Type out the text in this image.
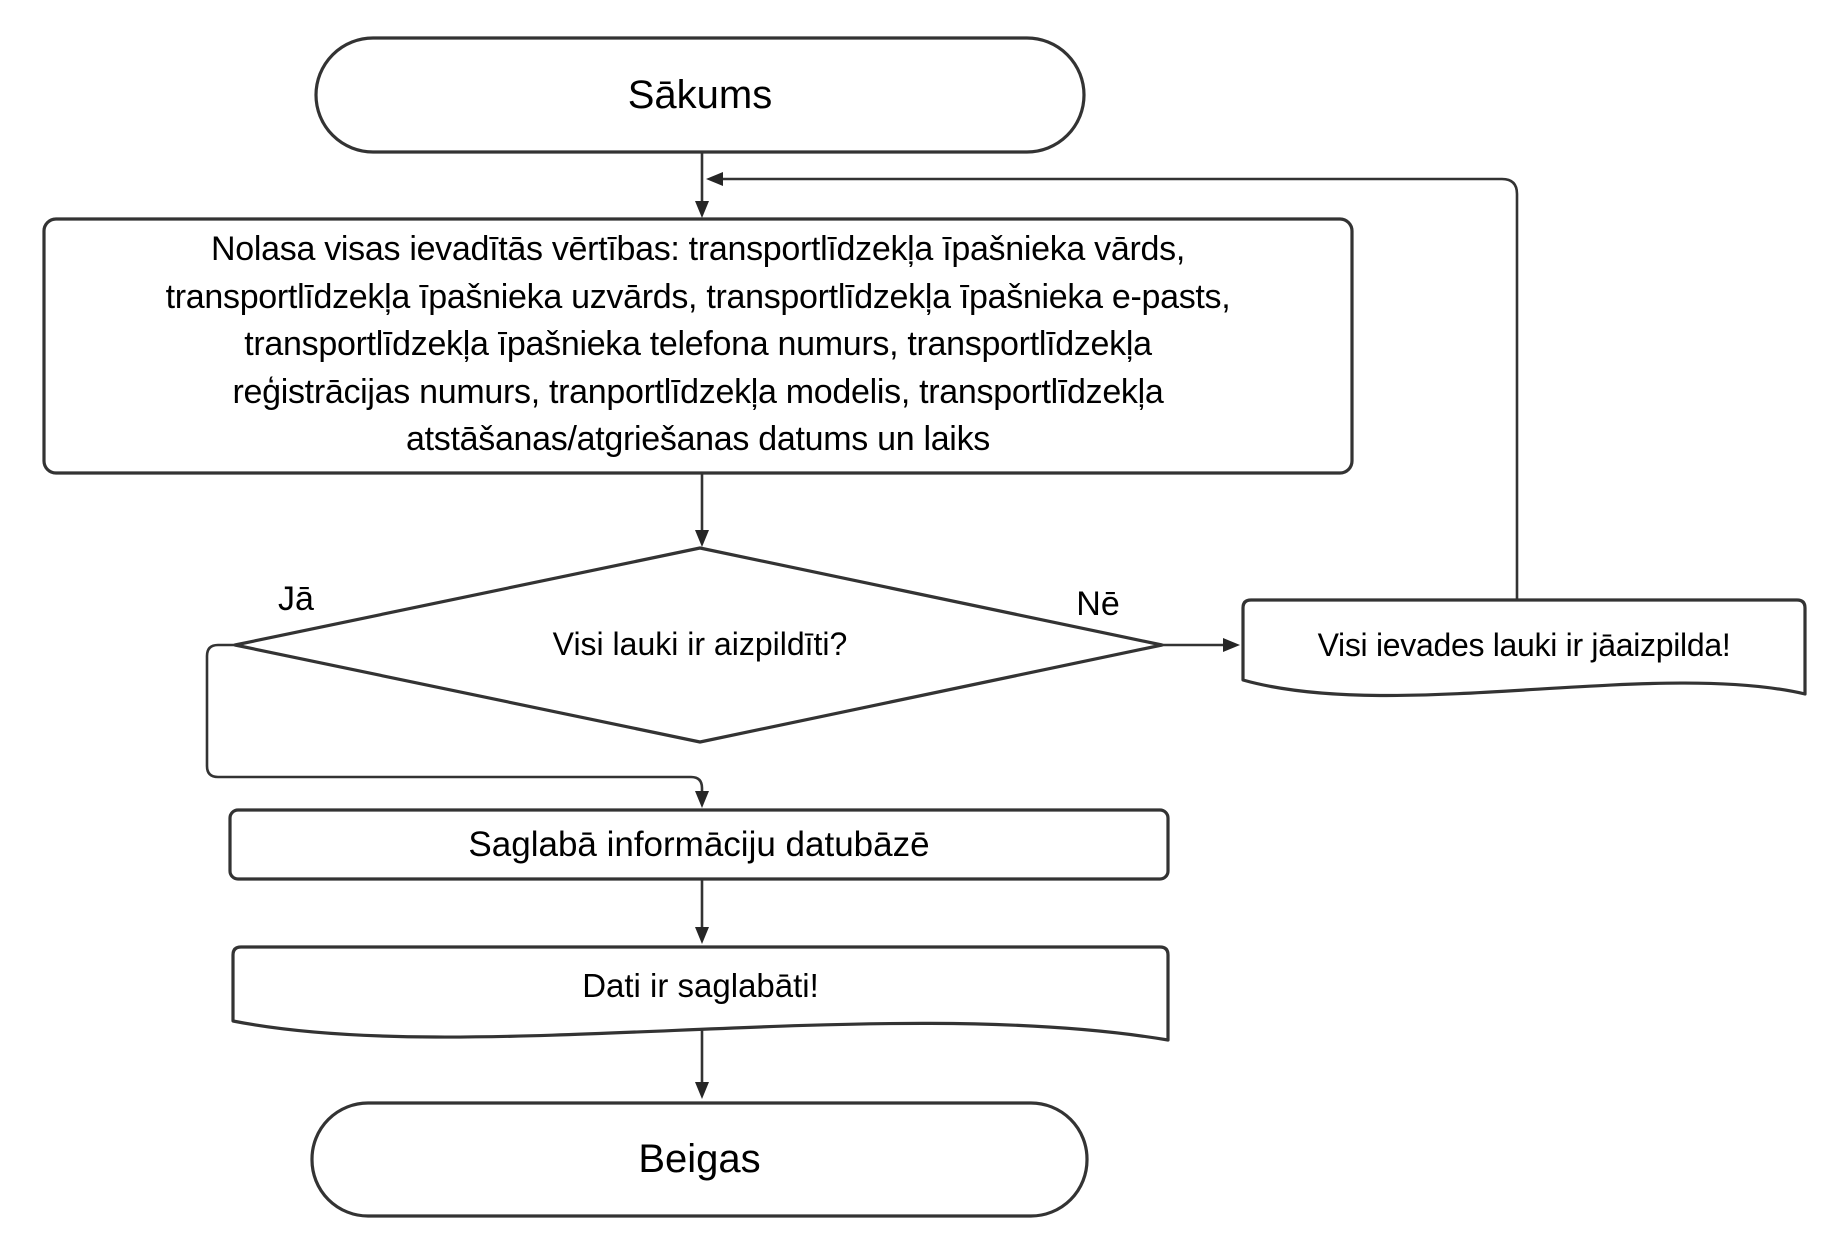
Sākums
Nolasa visas ievadītās vērtības: transportlīdzekļa īpašnieka vārds,
transportlīdzekļa īpašnieka uzvārds, transportlīdzekļa īpašnieka e-pasts,
transportlīdzekļa īpašnieka telefona numurs, transportlīdzekļa
reģistrācijas numurs, tranportlīdzekļa modelis, transportlīdzekļa
atstāšanas/atgriešanas datums un laiks
Visi lauki ir aizpildīti?
Jā	Nē
Visi ievades lauki ir jāaizpilda!
Saglabā informāciju datubāzē
Dati ir saglabāti!
Beigas
